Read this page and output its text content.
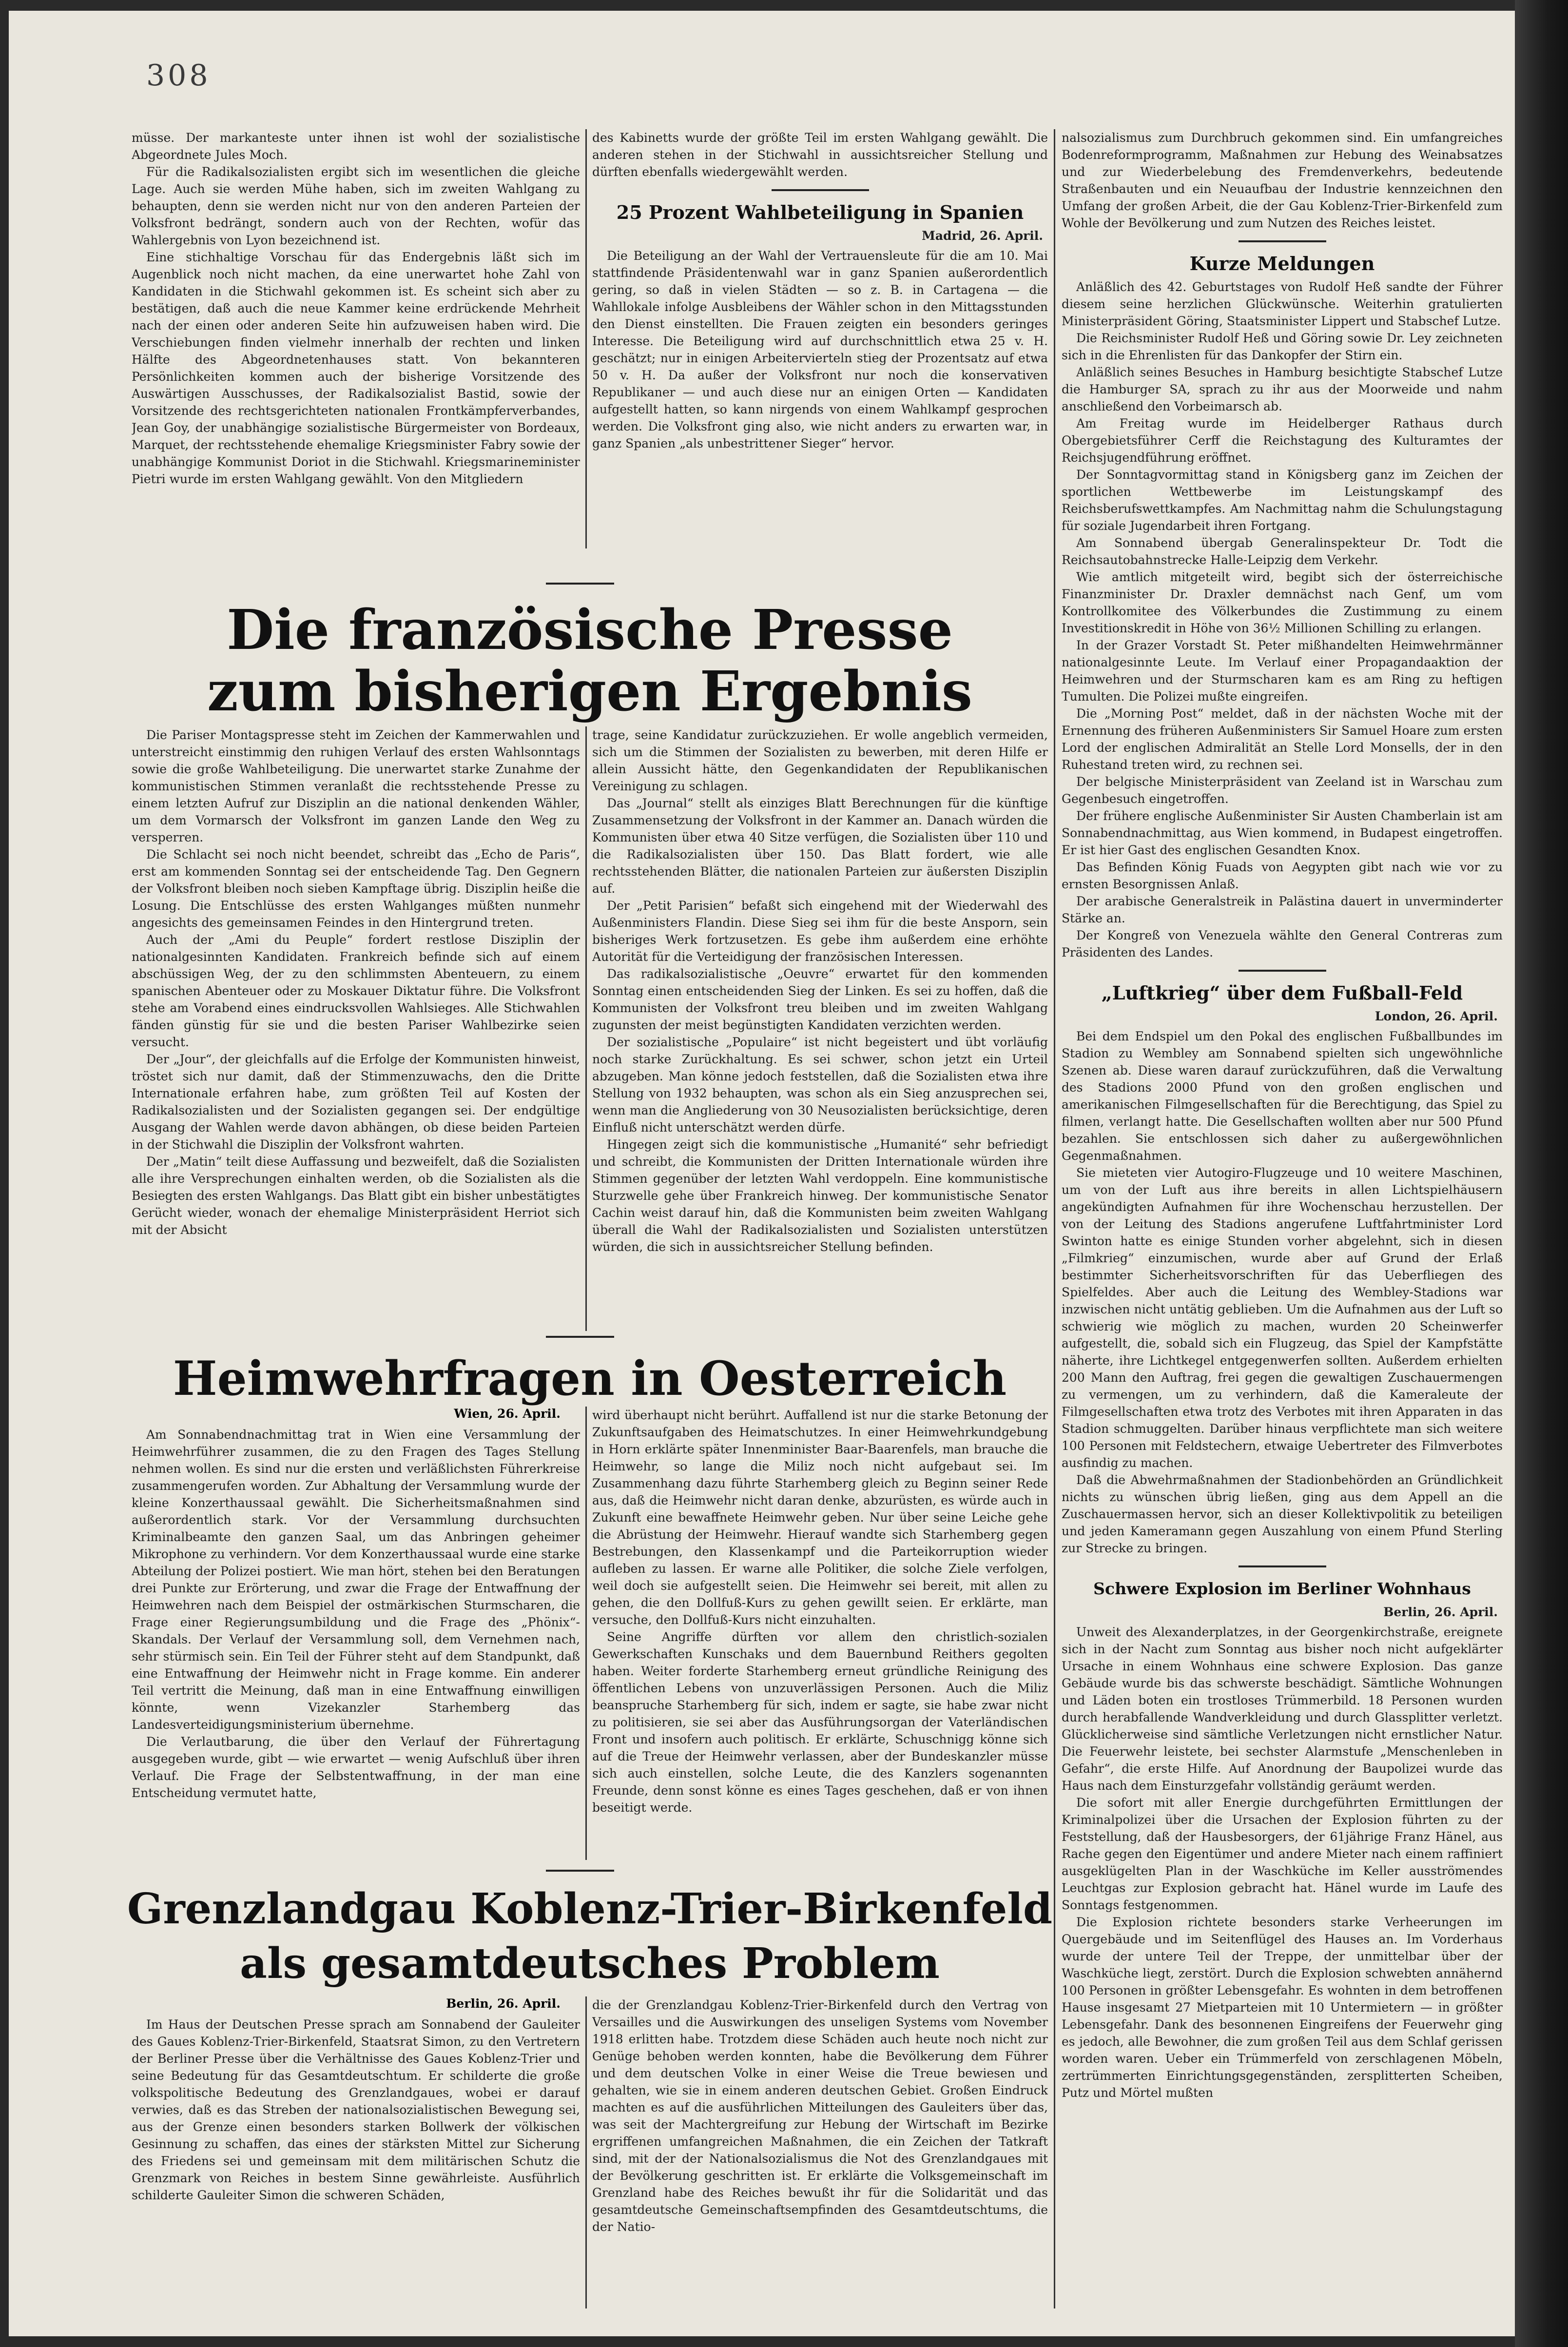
308

müsse. Der markanteste unter ihnen ist wohl der sozialistische Abgeordnete Jules Moch.

Für die Radikalsozialisten ergibt sich im wesentlichen die gleiche Lage. Auch sie werden Mühe haben, sich im zweiten Wahlgang zu behaupten, denn sie werden nicht nur von den anderen Parteien der Volksfront bedrängt, sondern auch von der Rechten, wofür das Wahlergebnis von Lyon bezeichnend ist.

Eine stichhaltige Vorschau für das Endergebnis läßt sich im Augenblick noch nicht machen, da eine unerwartet hohe Zahl von Kandidaten in die Stichwahl gekommen ist. Es scheint sich aber zu bestätigen, daß auch die neue Kammer keine erdrückende Mehrheit nach der einen oder anderen Seite hin aufzuweisen haben wird. Die Verschiebungen finden vielmehr innerhalb der rechten und linken Hälfte des Abgeordnetenhauses statt. Von bekannteren Persönlichkeiten kommen auch der bisherige Vorsitzende des Auswärtigen Ausschusses, der Radikalsozialist Bastid, sowie der Vorsitzende des rechtsgerichteten nationalen Frontkämpferverbandes, Jean Goy, der unabhängige sozialistische Bürgermeister von Bordeaux, Marquet, der rechtsstehende ehemalige Kriegsminister Fabry sowie der unabhängige Kommunist Doriot in die Stichwahl. Kriegsmarineminister Pietri wurde im ersten Wahlgang gewählt. Von den Mitgliedern

des Kabinetts wurde der größte Teil im ersten Wahlgang gewählt. Die anderen stehen in der Stichwahl in aussichtsreicher Stellung und dürften ebenfalls wiedergewählt werden.

25 Prozent Wahlbeteiligung in Spanien
Madrid, 26. April.

Die Beteiligung an der Wahl der Vertrauensleute für die am 10. Mai stattfindende Präsidentenwahl war in ganz Spanien außerordentlich gering, so daß in vielen Städten — so z. B. in Cartagena — die Wahllokale infolge Ausbleibens der Wähler schon in den Mittagsstunden den Dienst einstellten. Die Frauen zeigten ein besonders geringes Interesse. Die Beteiligung wird auf durchschnittlich etwa 25 v. H. geschätzt; nur in einigen Arbeitervierteln stieg der Prozentsatz auf etwa 50 v. H. Da außer der Volksfront nur noch die konservativen Republikaner — und auch diese nur an einigen Orten — Kandidaten aufgestellt hatten, so kann nirgends von einem Wahlkampf gesprochen werden. Die Volksfront ging also, wie nicht anders zu erwarten war, in ganz Spanien „als unbestrittener Sieger“ hervor.

Die französische Presse
zum bisherigen Ergebnis

Die Pariser Montagspresse steht im Zeichen der Kammerwahlen und unterstreicht einstimmig den ruhigen Verlauf des ersten Wahlsonntags sowie die große Wahlbeteiligung. Die unerwartet starke Zunahme der kommunistischen Stimmen veranlaßt die rechtsstehende Presse zu einem letzten Aufruf zur Disziplin an die national denkenden Wähler, um dem Vormarsch der Volksfront im ganzen Lande den Weg zu versperren.

Die Schlacht sei noch nicht beendet, schreibt das „Echo de Paris“, erst am kommenden Sonntag sei der entscheidende Tag. Den Gegnern der Volksfront bleiben noch sieben Kampftage übrig. Disziplin heiße die Losung. Die Entschlüsse des ersten Wahlganges müßten nunmehr angesichts des gemeinsamen Feindes in den Hintergrund treten.

Auch der „Ami du Peuple“ fordert restlose Disziplin der nationalgesinnten Kandidaten. Frankreich befinde sich auf einem abschüssigen Weg, der zu den schlimmsten Abenteuern, zu einem spanischen Abenteuer oder zu Moskauer Diktatur führe. Die Volksfront stehe am Vorabend eines eindrucksvollen Wahlsieges. Alle Stichwahlen fänden günstig für sie und die besten Pariser Wahlbezirke seien versucht.

Der „Jour“, der gleichfalls auf die Erfolge der Kommunisten hinweist, tröstet sich nur damit, daß der Stimmenzuwachs, den die Dritte Internationale erfahren habe, zum größten Teil auf Kosten der Radikalsozialisten und der Sozialisten gegangen sei. Der endgültige Ausgang der Wahlen werde davon abhängen, ob diese beiden Parteien in der Stichwahl die Disziplin der Volksfront wahrten.

Der „Matin“ teilt diese Auffassung und bezweifelt, daß die Sozialisten alle ihre Versprechungen einhalten werden, ob die Sozialisten als die Besiegten des ersten Wahlgangs. Das Blatt gibt ein bisher unbestätigtes Gerücht wieder, wonach der ehemalige Ministerpräsident Herriot sich mit der Absicht

trage, seine Kandidatur zurückzuziehen. Er wolle angeblich vermeiden, sich um die Stimmen der Sozialisten zu bewerben, mit deren Hilfe er allein Aussicht hätte, den Gegenkandidaten der Republikanischen Vereinigung zu schlagen.

Das „Journal“ stellt als einziges Blatt Berechnungen für die künftige Zusammensetzung der Volksfront in der Kammer an. Danach würden die Kommunisten über etwa 40 Sitze verfügen, die Sozialisten über 110 und die Radikalsozialisten über 150. Das Blatt fordert, wie alle rechtsstehenden Blätter, die nationalen Parteien zur äußersten Disziplin auf.

Der „Petit Parisien“ befaßt sich eingehend mit der Wiederwahl des Außenministers Flandin. Diese Sieg sei ihm für die beste Ansporn, sein bisheriges Werk fortzusetzen. Es gebe ihm außerdem eine erhöhte Autorität für die Verteidigung der französischen Interessen.

Das radikalsozialistische „Oeuvre“ erwartet für den kommenden Sonntag einen entscheidenden Sieg der Linken. Es sei zu hoffen, daß die Kommunisten der Volksfront treu bleiben und im zweiten Wahlgang zugunsten der meist begünstigten Kandidaten verzichten werden.

Der sozialistische „Populaire“ ist nicht begeistert und übt vorläufig noch starke Zurückhaltung. Es sei schwer, schon jetzt ein Urteil abzugeben. Man könne jedoch feststellen, daß die Sozialisten etwa ihre Stellung von 1932 behaupten, was schon als ein Sieg anzusprechen sei, wenn man die Angliederung von 30 Neusozialisten berücksichtige, deren Einfluß nicht unterschätzt werden dürfe.

Hingegen zeigt sich die kommunistische „Humanité“ sehr befriedigt und schreibt, die Kommunisten der Dritten Internationale würden ihre Stimmen gegenüber der letzten Wahl verdoppeln. Eine kommunistische Sturzwelle gehe über Frankreich hinweg. Der kommunistische Senator Cachin weist darauf hin, daß die Kommunisten beim zweiten Wahlgang überall die Wahl der Radikalsozialisten und Sozialisten unterstützen würden, die sich in aussichtsreicher Stellung befinden.

Heimwehrfragen in Oesterreich
Wien, 26. April.

Am Sonnabendnachmittag trat in Wien eine Versammlung der Heimwehrführer zusammen, die zu den Fragen des Tages Stellung nehmen wollen. Es sind nur die ersten und verläßlichsten Führerkreise zusammengerufen worden. Zur Abhaltung der Versammlung wurde der kleine Konzerthaussaal gewählt. Die Sicherheitsmaßnahmen sind außerordentlich stark. Vor der Versammlung durchsuchten Kriminalbeamte den ganzen Saal, um das Anbringen geheimer Mikrophone zu verhindern. Vor dem Konzerthaussaal wurde eine starke Abteilung der Polizei postiert. Wie man hört, stehen bei den Beratungen drei Punkte zur Erörterung, und zwar die Frage der Entwaffnung der Heimwehren nach dem Beispiel der ostmärkischen Sturmscharen, die Frage einer Regierungsumbildung und die Frage des „Phönix“-Skandals. Der Verlauf der Versammlung soll, dem Vernehmen nach, sehr stürmisch sein. Ein Teil der Führer steht auf dem Standpunkt, daß eine Entwaffnung der Heimwehr nicht in Frage komme. Ein anderer Teil vertritt die Meinung, daß man in eine Entwaffnung einwilligen könnte, wenn Vizekanzler Starhemberg das Landesverteidigungsministerium übernehme.

Die Verlautbarung, die über den Verlauf der Führertagung ausgegeben wurde, gibt — wie erwartet — wenig Aufschluß über ihren Verlauf. Die Frage der Selbstentwaffnung, in der man eine Entscheidung vermutet hatte,

wird überhaupt nicht berührt. Auffallend ist nur die starke Betonung der Zukunftsaufgaben des Heimatschutzes. In einer Heimwehrkundgebung in Horn erklärte später Innenminister Baar-Baarenfels, man brauche die Heimwehr, so lange die Miliz noch nicht aufgebaut sei. Im Zusammenhang dazu führte Starhemberg gleich zu Beginn seiner Rede aus, daß die Heimwehr nicht daran denke, abzurüsten, es würde auch in Zukunft eine bewaffnete Heimwehr geben. Nur über seine Leiche gehe die Abrüstung der Heimwehr. Hierauf wandte sich Starhemberg gegen Bestrebungen, den Klassenkampf und die Parteikorruption wieder aufleben zu lassen. Er warne alle Politiker, die solche Ziele verfolgen, weil doch sie aufgestellt seien. Die Heimwehr sei bereit, mit allen zu gehen, die den Dollfuß-Kurs zu gehen gewillt seien. Er erklärte, man versuche, den Dollfuß-Kurs nicht einzuhalten.

Seine Angriffe dürften vor allem den christlich-sozialen Gewerkschaften Kunschaks und dem Bauernbund Reithers gegolten haben. Weiter forderte Starhemberg erneut gründliche Reinigung des öffentlichen Lebens von unzuverlässigen Personen. Auch die Miliz beanspruche Starhemberg für sich, indem er sagte, sie habe zwar nicht zu politisieren, sie sei aber das Ausführungsorgan der Vaterländischen Front und insofern auch politisch. Er erklärte, Schuschnigg könne sich auf die Treue der Heimwehr verlassen, aber der Bundeskanzler müsse sich auch einstellen, solche Leute, die des Kanzlers sogenannten Freunde, denn sonst könne es eines Tages geschehen, daß er von ihnen beseitigt werde.

Grenzlandgau Koblenz-Trier-Birkenfeld
als gesamtdeutsches Problem
Berlin, 26. April.

Im Haus der Deutschen Presse sprach am Sonnabend der Gauleiter des Gaues Koblenz-Trier-Birkenfeld, Staatsrat Simon, zu den Vertretern der Berliner Presse über die Verhältnisse des Gaues Koblenz-Trier und seine Bedeutung für das Gesamtdeutschtum. Er schilderte die große volkspolitische Bedeutung des Grenzlandgaues, wobei er darauf verwies, daß es das Streben der nationalsozialistischen Bewegung sei, aus der Grenze einen besonders starken Bollwerk der völkischen Gesinnung zu schaffen, das eines der stärksten Mittel zur Sicherung des Friedens sei und gemeinsam mit dem militärischen Schutz die Grenzmark von Reiches in bestem Sinne gewährleiste. Ausführlich schilderte Gauleiter Simon die schweren Schäden,

die der Grenzlandgau Koblenz-Trier-Birkenfeld durch den Vertrag von Versailles und die Auswirkungen des unseligen Systems vom November 1918 erlitten habe. Trotzdem diese Schäden auch heute noch nicht zur Genüge behoben werden konnten, habe die Bevölkerung dem Führer und dem deutschen Volke in einer Weise die Treue bewiesen und gehalten, wie sie in einem anderen deutschen Gebiet. Großen Eindruck machten es auf die ausführlichen Mitteilungen des Gauleiters über das, was seit der Machtergreifung zur Hebung der Wirtschaft im Bezirke ergriffenen umfangreichen Maßnahmen, die ein Zeichen der Tatkraft sind, mit der der Nationalsozialismus die Not des Grenzlandgaues mit der Bevölkerung geschritten ist. Er erklärte die Volksgemeinschaft im Grenzland habe des Reiches bewußt ihr für die Solidarität und das gesamtdeutsche Gemeinschaftsempfinden des Gesamtdeutschtums, die der Natio-

nalsozialismus zum Durchbruch gekommen sind. Ein umfangreiches Bodenreformprogramm, Maßnahmen zur Hebung des Weinabsatzes und zur Wiederbelebung des Fremdenverkehrs, bedeutende Straßenbauten und ein Neuaufbau der Industrie kennzeichnen den Umfang der großen Arbeit, die der Gau Koblenz-Trier-Birkenfeld zum Wohle der Bevölkerung und zum Nutzen des Reiches leistet.

Kurze Meldungen

Anläßlich des 42. Geburtstages von Rudolf Heß sandte der Führer diesem seine herzlichen Glückwünsche. Weiterhin gratulierten Ministerpräsident Göring, Staatsminister Lippert und Stabschef Lutze.

Die Reichsminister Rudolf Heß und Göring sowie Dr. Ley zeichneten sich in die Ehrenlisten für das Dankopfer der Stirn ein.

Anläßlich seines Besuches in Hamburg besichtigte Stabschef Lutze die Hamburger SA, sprach zu ihr aus der Moorweide und nahm anschließend den Vorbeimarsch ab.

Am Freitag wurde im Heidelberger Rathaus durch Obergebietsführer Cerff die Reichstagung des Kulturamtes der Reichsjugendführung eröffnet.

Der Sonntagvormittag stand in Königsberg ganz im Zeichen der sportlichen Wettbewerbe im Leistungskampf des Reichsberufswettkampfes. Am Nachmittag nahm die Schulungstagung für soziale Jugendarbeit ihren Fortgang.

Am Sonnabend übergab Generalinspekteur Dr. Todt die Reichsautobahnstrecke Halle-Leipzig dem Verkehr.

Wie amtlich mitgeteilt wird, begibt sich der österreichische Finanzminister Dr. Draxler demnächst nach Genf, um vom Kontrollkomitee des Völkerbundes die Zustimmung zu einem Investitionskredit in Höhe von 36½ Millionen Schilling zu erlangen.

In der Grazer Vorstadt St. Peter mißhandelten Heimwehrmänner nationalgesinnte Leute. Im Verlauf einer Propagandaaktion der Heimwehren und der Sturmscharen kam es am Ring zu heftigen Tumulten. Die Polizei mußte eingreifen.

Die „Morning Post“ meldet, daß in der nächsten Woche mit der Ernennung des früheren Außenministers Sir Samuel Hoare zum ersten Lord der englischen Admiralität an Stelle Lord Monsells, der in den Ruhestand treten wird, zu rechnen sei.

Der belgische Ministerpräsident van Zeeland ist in Warschau zum Gegenbesuch eingetroffen.

Der frühere englische Außenminister Sir Austen Chamberlain ist am Sonnabendnachmittag, aus Wien kommend, in Budapest eingetroffen. Er ist hier Gast des englischen Gesandten Knox.

Das Befinden König Fuads von Aegypten gibt nach wie vor zu ernsten Besorgnissen Anlaß.

Der arabische Generalstreik in Palästina dauert in unverminderter Stärke an.

Der Kongreß von Venezuela wählte den General Contreras zum Präsidenten des Landes.

„Luftkrieg“ über dem Fußball-Feld
London, 26. April.

Bei dem Endspiel um den Pokal des englischen Fußballbundes im Stadion zu Wembley am Sonnabend spielten sich ungewöhnliche Szenen ab. Diese waren darauf zurückzuführen, daß die Verwaltung des Stadions 2000 Pfund von den großen englischen und amerikanischen Filmgesellschaften für die Berechtigung, das Spiel zu filmen, verlangt hatte. Die Gesellschaften wollten aber nur 500 Pfund bezahlen. Sie entschlossen sich daher zu außergewöhnlichen Gegenmaßnahmen.

Sie mieteten vier Autogiro-Flugzeuge und 10 weitere Maschinen, um von der Luft aus ihre bereits in allen Lichtspielhäusern angekündigten Aufnahmen für ihre Wochenschau herzustellen. Der von der Leitung des Stadions angerufene Luftfahrtminister Lord Swinton hatte es einige Stunden vorher abgelehnt, sich in diesen „Filmkrieg“ einzumischen, wurde aber auf Grund der Erlaß bestimmter Sicherheitsvorschriften für das Ueberfliegen des Spielfeldes. Aber auch die Leitung des Wembley-Stadions war inzwischen nicht untätig geblieben. Um die Aufnahmen aus der Luft so schwierig wie möglich zu machen, wurden 20 Scheinwerfer aufgestellt, die, sobald sich ein Flugzeug, das Spiel der Kampfstätte näherte, ihre Lichtkegel entgegenwerfen sollten. Außerdem erhielten 200 Mann den Auftrag, frei gegen die gewaltigen Zuschauermengen zu vermengen, um zu verhindern, daß die Kameraleute der Filmgesellschaften etwa trotz des Verbotes mit ihren Apparaten in das Stadion schmuggelten. Darüber hinaus verpflichtete man sich weitere 100 Personen mit Feldstechern, etwaige Uebertreter des Filmverbotes ausfindig zu machen.

Daß die Abwehrmaßnahmen der Stadionbehörden an Gründlichkeit nichts zu wünschen übrig ließen, ging aus dem Appell an die Zuschauermassen hervor, sich an dieser Kollektivpolitik zu beteiligen und jeden Kameramann gegen Auszahlung von einem Pfund Sterling zur Strecke zu bringen.

Schwere Explosion im Berliner Wohnhaus
Berlin, 26. April.

Unweit des Alexanderplatzes, in der Georgenkirchstraße, ereignete sich in der Nacht zum Sonntag aus bisher noch nicht aufgeklärter Ursache in einem Wohnhaus eine schwere Explosion. Das ganze Gebäude wurde bis das schwerste beschädigt. Sämtliche Wohnungen und Läden boten ein trostloses Trümmerbild. 18 Personen wurden durch herabfallende Wandverkleidung und durch Glassplitter verletzt. Glücklicherweise sind sämtliche Verletzungen nicht ernstlicher Natur. Die Feuerwehr leistete, bei sechster Alarmstufe „Menschenleben in Gefahr“, die erste Hilfe. Auf Anordnung der Baupolizei wurde das Haus nach dem Einsturzgefahr vollständig geräumt werden.

Die sofort mit aller Energie durchgeführten Ermittlungen der Kriminalpolizei über die Ursachen der Explosion führten zu der Feststellung, daß der Hausbesorgers, der 61jährige Franz Hänel, aus Rache gegen den Eigentümer und andere Mieter nach einem raffiniert ausgeklügelten Plan in der Waschküche im Keller ausströmendes Leuchtgas zur Explosion gebracht hat. Hänel wurde im Laufe des Sonntags festgenommen.

Die Explosion richtete besonders starke Verheerungen im Quergebäude und im Seitenflügel des Hauses an. Im Vorderhaus wurde der untere Teil der Treppe, der unmittelbar über der Waschküche liegt, zerstört. Durch die Explosion schwebten annähernd 100 Personen in größter Lebensgefahr. Es wohnten in dem betroffenen Hause insgesamt 27 Mietparteien mit 10 Untermietern — in größter Lebensgefahr. Dank des besonnenen Eingreifens der Feuerwehr ging es jedoch, alle Bewohner, die zum großen Teil aus dem Schlaf gerissen worden waren. Ueber ein Trümmerfeld von zerschlagenen Möbeln, zertrümmerten Einrichtungsgegenständen, zersplitterten Scheiben, Putz und Mörtel mußten
